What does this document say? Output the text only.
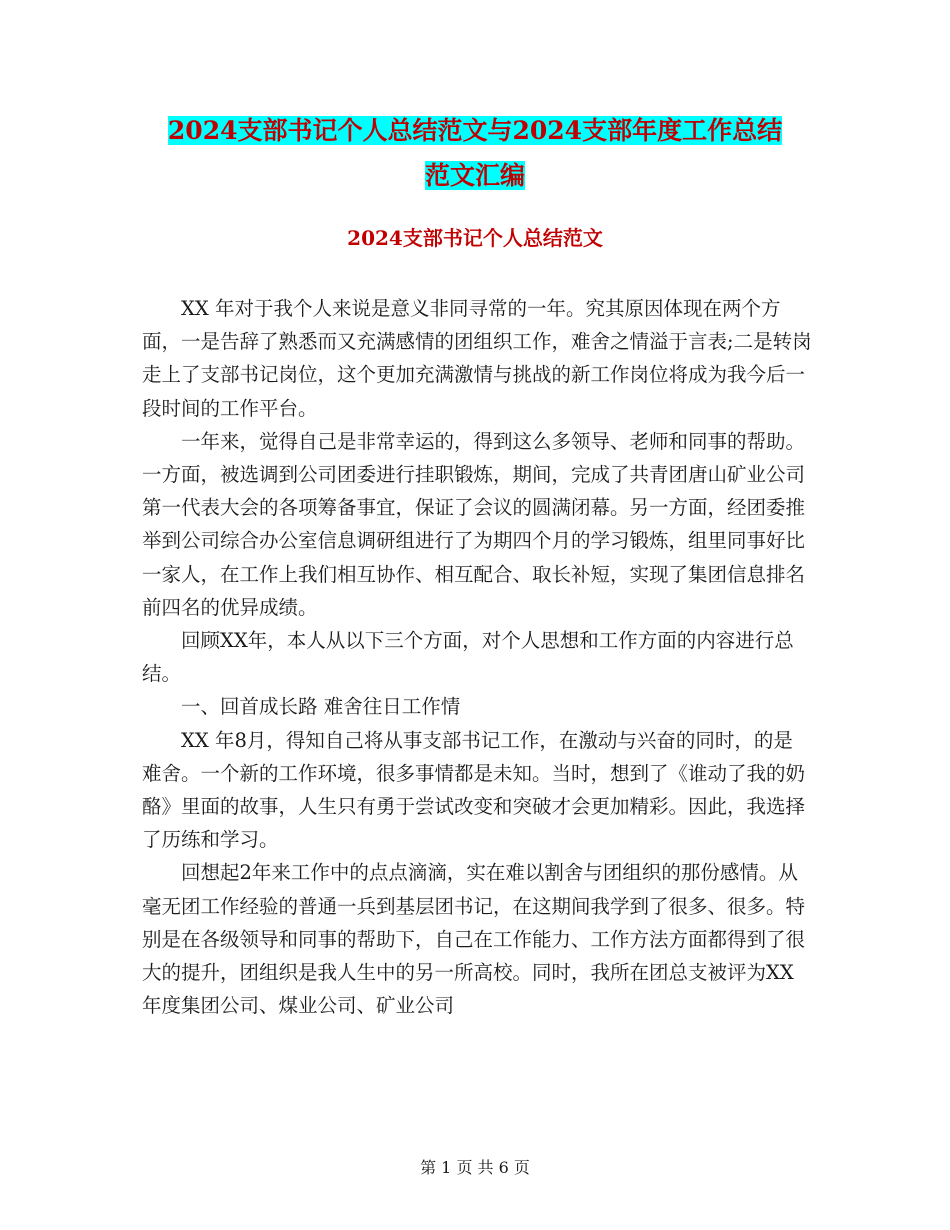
2024支部书记个人总结范文与2024支部年度工作总结
范文汇编
2024支部书记个人总结范文

XX 年对于我个人来说是意义非同寻常的一年。究其原因体现在两个方面，一是告辞了熟悉而又充满感情的团组织工作，难舍之情溢于言表;二是转岗走上了支部书记岗位，这个更加充满激情与挑战的新工作岗位将成为我今后一段时间的工作平台。

一年来，觉得自己是非常幸运的，得到这么多领导、老师和同事的帮助。一方面，被选调到公司团委进行挂职锻炼，期间，完成了共青团唐山矿业公司第一代表大会的各项筹备事宜，保证了会议的圆满闭幕。另一方面，经团委推举到公司综合办公室信息调研组进行了为期四个月的学习锻炼，组里同事好比一家人，在工作上我们相互协作、相互配合、取长补短，实现了集团信息排名前四名的优异成绩。

回顾XX年，本人从以下三个方面，对个人思想和工作方面的内容进行总结。

一、回首成长路 难舍往日工作情

XX 年8月，得知自己将从事支部书记工作，在激动与兴奋的同时，的是难舍。一个新的工作环境，很多事情都是未知。当时，想到了《谁动了我的奶酪》里面的故事，人生只有勇于尝试改变和突破才会更加精彩。因此，我选择了历练和学习。

回想起2年来工作中的点点滴滴，实在难以割舍与团组织的那份感情。从毫无团工作经验的普通一兵到基层团书记，在这期间我学到了很多、很多。特别是在各级领导和同事的帮助下，自己在工作能力、工作方法方面都得到了很大的提升，团组织是我人生中的另一所高校。同时，我所在团总支被评为XX年度集团公司、煤业公司、矿业公司

第 1 页 共 6 页
